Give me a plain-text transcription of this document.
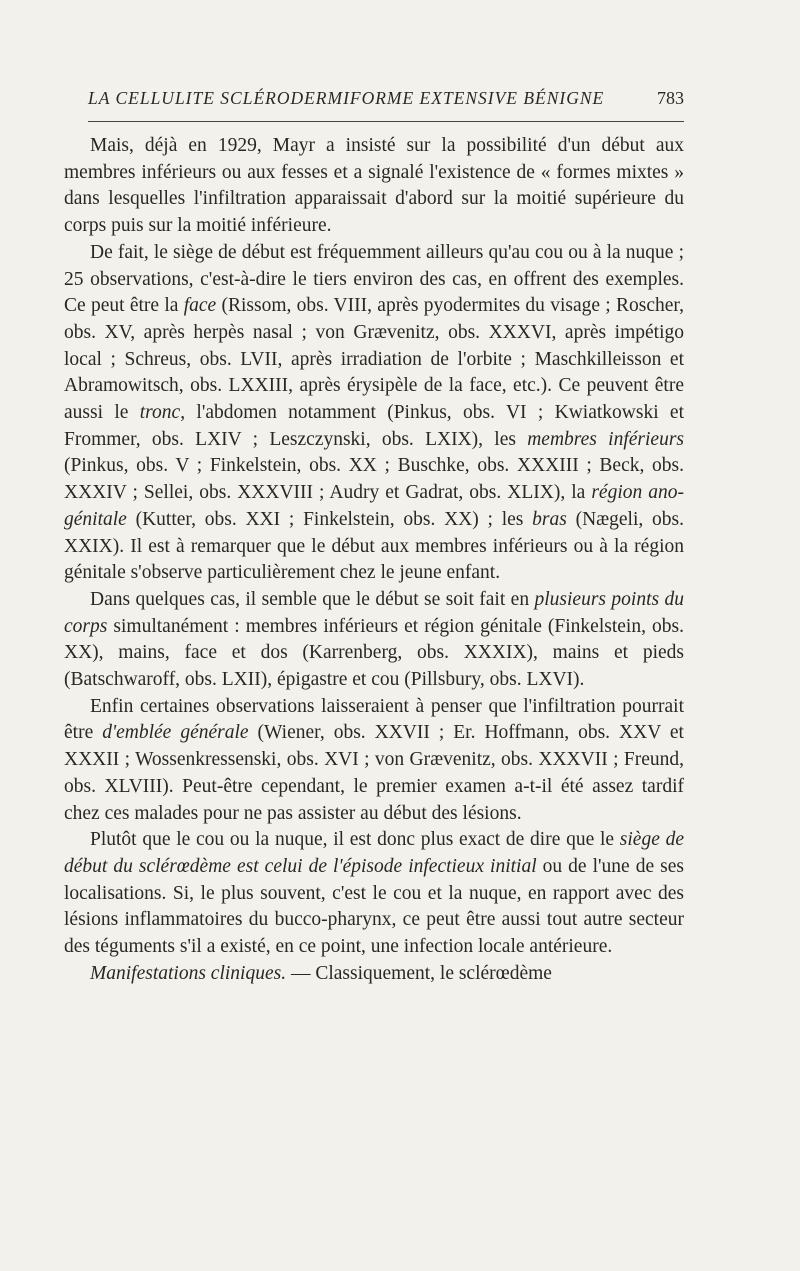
LA CELLULITE SCLÉRODERMIFORME EXTENSIVE BÉNIGNE	783

Mais, déjà en 1929, Mayr a insisté sur la possibilité d'un début aux membres inférieurs ou aux fesses et a signalé l'existence de « formes mixtes » dans lesquelles l'infiltration apparaissait d'abord sur la moitié supérieure du corps puis sur la moitié inférieure.

De fait, le siège de début est fréquemment ailleurs qu'au cou ou à la nuque ; 25 observations, c'est-à-dire le tiers environ des cas, en offrent des exemples. Ce peut être la face (Rissom, obs. VIII, après pyodermites du visage ; Roscher, obs. XV, après herpès nasal ; von Grævenitz, obs. XXXVI, après impétigo local ; Schreus, obs. LVII, après irradiation de l'orbite ; Maschkilleisson et Abramowitsch, obs. LXXIII, après érysipèle de la face, etc.). Ce peuvent être aussi le tronc, l'abdomen notamment (Pinkus, obs. VI ; Kwiatkowski et Frommer, obs. LXIV ; Leszczynski, obs. LXIX), les membres inférieurs (Pinkus, obs. V ; Finkelstein, obs. XX ; Buschke, obs. XXXIII ; Beck, obs. XXXIV ; Sellei, obs. XXXVIII ; Audry et Gadrat, obs. XLIX), la région ano-génitale (Kutter, obs. XXI ; Finkelstein, obs. XX) ; les bras (Nægeli, obs. XXIX). Il est à remarquer que le début aux membres inférieurs ou à la région génitale s'observe particulièrement chez le jeune enfant.

Dans quelques cas, il semble que le début se soit fait en plusieurs points du corps simultanément : membres inférieurs et région génitale (Finkelstein, obs. XX), mains, face et dos (Karrenberg, obs. XXXIX), mains et pieds (Batschwaroff, obs. LXII), épigastre et cou (Pillsbury, obs. LXVI).

Enfin certaines observations laisseraient à penser que l'infiltration pourrait être d'emblée générale (Wiener, obs. XXVII ; Er. Hoffmann, obs. XXV et XXXII ; Wossenkressenski, obs. XVI ; von Grævenitz, obs. XXXVII ; Freund, obs. XLVIII). Peut-être cependant, le premier examen a-t-il été assez tardif chez ces malades pour ne pas assister au début des lésions.

Plutôt que le cou ou la nuque, il est donc plus exact de dire que le siège de début du sclérœdème est celui de l'épisode infectieux initial ou de l'une de ses localisations. Si, le plus souvent, c'est le cou et la nuque, en rapport avec des lésions inflammatoires du bucco-pharynx, ce peut être aussi tout autre secteur des téguments s'il a existé, en ce point, une infection locale antérieure.

Manifestations cliniques. — Classiquement, le sclérœdème
